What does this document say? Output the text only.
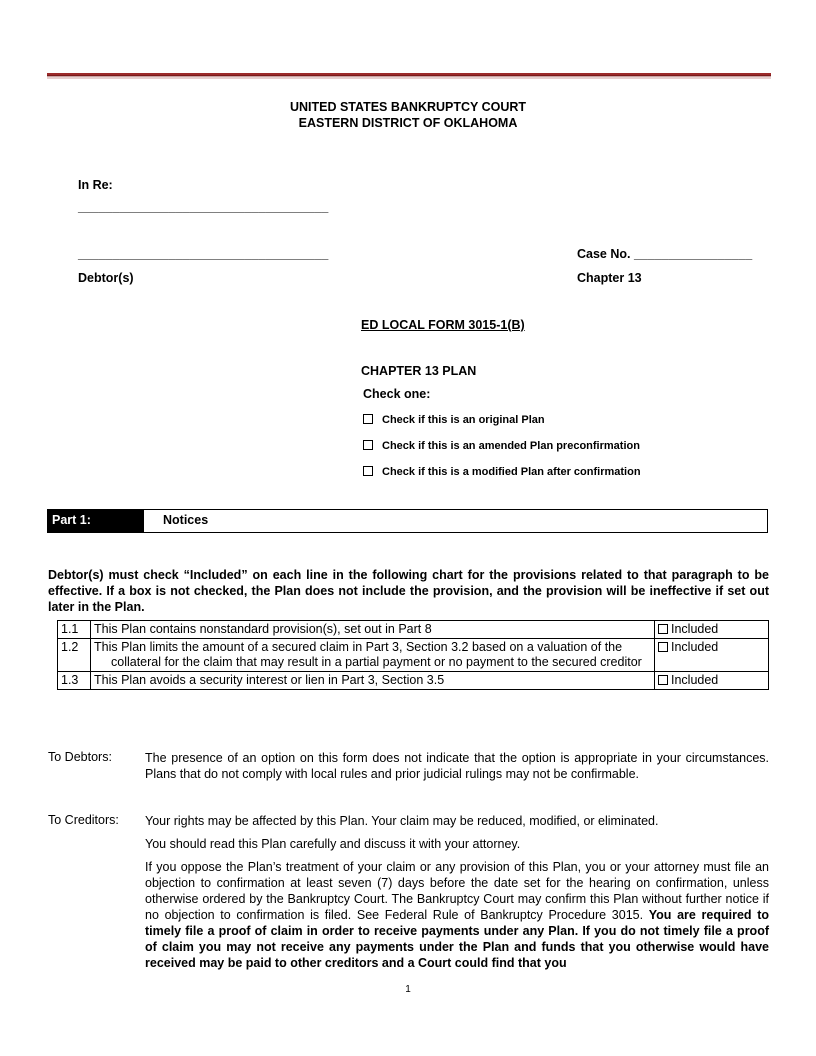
UNITED STATES BANKRUPTCY COURT
EASTERN DISTRICT OF OKLAHOMA
In Re:
____________________________________
____________________________________
Debtor(s)
Case No. _________________
Chapter 13
ED LOCAL FORM 3015-1(B)
CHAPTER 13 PLAN
Check one:
Check if this is an original Plan
Check if this is an amended Plan preconfirmation
Check if this is a modified Plan after confirmation
Part 1:	Notices
Debtor(s) must check “Included” on each line in the following chart for the provisions related to that paragraph to be effective. If a box is not checked, the Plan does not include the provision, and the provision will be ineffective if set out later in the Plan.
1.1	This Plan contains nonstandard provision(s), set out in Part 8	Included
1.2	This Plan limits the amount of a secured claim in Part 3, Section 3.2 based on a valuation of the
collateral for the claim that may result in a partial payment or no payment to the secured creditor	Included
1.3	This Plan avoids a security interest or lien in Part 3, Section 3.5	Included
To Debtors:	The presence of an option on this form does not indicate that the option is appropriate in your circumstances. Plans that do not comply with local rules and prior judicial rulings may not be confirmable.
To Creditors: Your rights may be affected by this Plan. Your claim may be reduced, modified, or eliminated.

You should read this Plan carefully and discuss it with your attorney.

If you oppose the Plan’s treatment of your claim or any provision of this Plan, you or your attorney must file an objection to confirmation at least seven (7) days before the date set for the hearing on confirmation, unless otherwise ordered by the Bankruptcy Court. The Bankruptcy Court may confirm this Plan without further notice if no objection to confirmation is filed. See Federal Rule of Bankruptcy Procedure 3015. You are required to timely file a proof of claim in order to receive payments under any Plan. If you do not timely file a proof of claim you may not receive any payments under the Plan and funds that you otherwise would have received may be paid to other creditors and a Court could find that you

1
